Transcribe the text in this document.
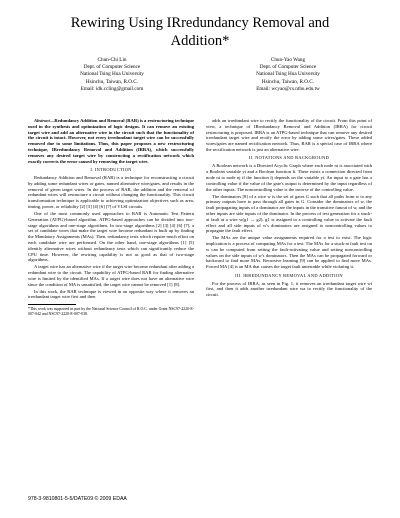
Rewiring Using IRredundancy Removal and Addition*
Chun-Chi Lin
Dept. of Computer Science
National Tsing Hua University
Hsinchu, Taiwan, R.O.C.
Email: idk.ccling@gmail.com
Chun-Yao Wang
Dept. of Computer Science
National Tsing Hua University
Hsinchu, Taiwan, R.O.C.
Email: wcyao@cs.nthu.edu.tw

Abstract—Redundancy Addition and Removal (RAR) is a restructuring technique used in the synthesis and optimization of logic designs. It can remove an existing target wire and add an alternative wire in the circuit such that the functionality of the circuit is intact. However, not every irredundant target wire can be successfully removed due to some limitations. Thus, this paper proposes a new restructuring technique, IRredundancy Removal and Addition (IRRA), which successfully removes any desired target wire by constructing a rectification network which exactly corrects the error caused by removing the target wire.

I. INTRODUCTION

Redundancy Addition and Removal (RAR) is a technique for reconstructing a circuit by adding some redundant wires or gates, named alternative wire/gates, and results in the removal of given target wires. In the process of RAR, the addition and the removal of redundant wires will restructure a circuit without changing the functionality. This circuit transformation technique is applicable to achieving optimization objectives such as area, timing, power, or reliability [2] [3] [4] [6] [7] of VLSI circuits.

One of the most commonly used approaches to RAR is Automatic Test Pattern Generation (ATPG)-based algorithm. ATPG-based approaches can be divided into two-stage algorithms and one-stage algorithms. In two-stage algorithms [2] [3] [4] [6] [7], a set of candidate wires that make the target wire become redundant is built up by finding the Mandatory Assignments (MAs). Then, redundancy tests which require much effort on each candidate wire are performed. On the other hand, one-stage algorithms [1] [5] identify alternative wires without redundancy tests which can significantly reduce the CPU time. However, the rewiring capability is not as good as that of two-stage algorithms.

A target wire has an alternative wire if the target wire become redundant after adding a redundant wire to the circuit. The capability of ATPG-based RAR for finding alternative wire is limited by the identified MAs. If a target wire does not have an alternative wire since the condition of MA is unsatisfied, the target wire cannot be removed [1] [8].

In this work, the RAR technique is viewed in an opposite way where it removes an irredundant target wire first and then

*This work was supported in part by the National Science Council of R.O.C. under Grant NSC97-2220-E-007-042 and NSC97-2220-E-007-038.

adds an irredundant wire to rectify the functionality of the circuit. From this point of view, a technique of IRredundancy Removal and Addition (IRRA) for circuit restructuring is proposed. IRRA is an ATPG-based technique that can remove any desired irredundant target wire and rectify the error by adding some wires/gates. These added wires/gates are named rectification network. Thus, RAR is a special case of IRRA where the rectification network is just an alternative wire.

II. NOTATIONS AND BACKGROUND

A Boolean network is a Directed Acyclic Graph where each node ni is associated with a Boolean variable yi and a Boolean function fi. There exists a connection directed from node ni to node nj if the function fj depends on the variable yi. An input to a gate has a controlling value if the value of the gate's output is determined by the input regardless of the other inputs. The noncontrolling value is the inverse of the controlling value.

The dominators [8] of a wire w is the set of gates G such that all paths from w to any primary outputs have to pass through all gates in G. Consider the dominators of w, the fault propagating inputs of a dominator are the inputs in the transitive fanout of w, and the other inputs are side inputs of the dominator. In the process of test generation for a stuck-at fault at a wire w(g1 → g2), g1 is assigned to a controlling value to activate the fault effect and all side inputs of w's dominators are assigned to noncontrolling values to propagate the fault effect.

The MAs are the unique value assignments required for a test to exist. The logic implication is a process of computing MAs for a test. The MAs for a stuck-at fault test on w can be computed from setting the fault-activating value and setting noncontrolling values on the side inputs of w's dominators. Then the MAs can be propagated forward or backward to find more MAs. Recursive learning [9] can be applied to find more MAs. Forced MA [4] is an MA that causes the target fault untestable while violating it.

III. IRREDUNDANCY REMOVAL AND ADDITION

For the process of IRRA, as seen in Fig. 1, it removes an irredundant target wire wt first, and then it adds another irredundant wire wa to rectify the functionality of the circuit.

978-3-9810801-5-5/DATE09 © 2009 EDAA
